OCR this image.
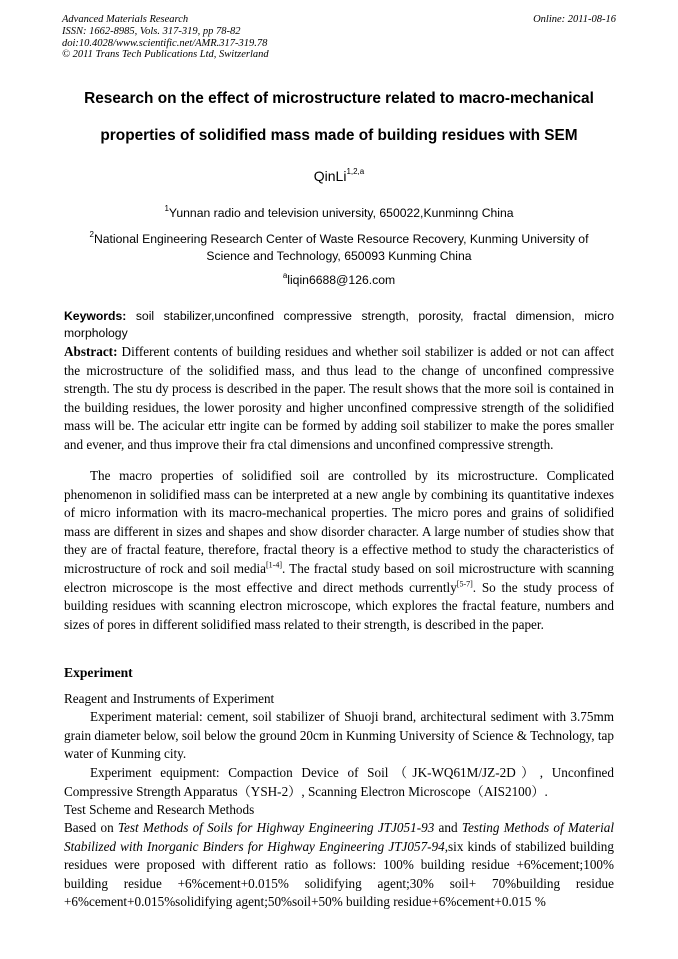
Advanced Materials Research
ISSN: 1662-8985, Vols. 317-319, pp 78-82
doi:10.4028/www.scientific.net/AMR.317-319.78
© 2011 Trans Tech Publications Ltd, Switzerland
Online: 2011-08-16
Research on the effect of microstructure related to macro-mechanical
properties of solidified mass made of building residues with SEM
QinLi$^{1,2,a}$
$^1$Yunnan radio and television university, 650022,Kunminng China
$^2$National Engineering Research Center of Waste Resource Recovery, Kunming University of Science and Technology, 650093 Kunming China
$^a$liqin6688@126.com
Keywords: soil stabilizer,unconfined compressive strength, porosity, fractal dimension, micro morphology
Abstract: Different contents of building residues and whether soil stabilizer is added or not can affect the microstructure of the solidified mass, and thus lead to the change of unconfined compressive strength. The stu dy process is described in the paper. The result shows that the more soil is contained in the building residues, the lower porosity and higher unconfined compressive strength of the solidified mass will be. The acicular ettr ingite can be formed by adding soil stabilizer to make the pores smaller and evener, and thus improve their fra ctal dimensions and unconfined compressive strength.
The macro properties of solidified soil are controlled by its microstructure. Complicated phenomenon in solidified mass can be interpreted at a new angle by combining its quantitative indexes of micro information with its macro-mechanical properties. The micro pores and grains of solidified mass are different in sizes and shapes and show disorder character. A large number of studies show that they are of fractal feature, therefore, fractal theory is a effective method to study the characteristics of microstructure of rock and soil media[1-4]. The fractal study based on soil microstructure with scanning electron microscope is the most effective and direct methods currently[5-7]. So the study process of building residues with scanning electron microscope, which explores the fractal feature, numbers and sizes of pores in different solidified mass related to their strength, is described in the paper.
Experiment
Reagent and Instruments of Experiment
Experiment material: cement, soil stabilizer of Shuoji brand, architectural sediment with 3.75mm grain diameter below, soil below the ground 20cm in Kunming University of Science & Technology, tap water of Kunming city.
Experiment equipment: Compaction Device of Soil（JK-WQ61M/JZ-2D）, Unconfined Compressive Strength Apparatus（YSH-2）, Scanning Electron Microscope（AIS2100）.
Test Scheme and Research Methods
Based on Test Methods of Soils for Highway Engineering JTJ051-93 and Testing Methods of Material Stabilized with Inorganic Binders for Highway Engineering JTJ057-94,six kinds of stabilized building residues were proposed with different ratio as follows: 100% building residue +6%cement;100% building residue +6%cement+0.015% solidifying agent;30% soil+ 70%building residue +6%cement+0.015%solidifying agent;50%soil+50% building residue+6%cement+0.015 %
